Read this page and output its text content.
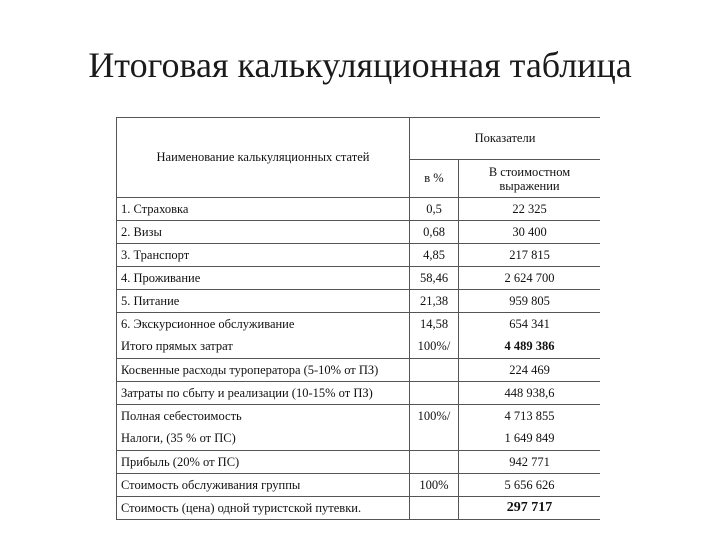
Итоговая калькуляционная таблица
Наименование калькуляционных статей	Показатели	
	в %	В стоимостном выражении
1. Страховка	0,5	22 325
2. Визы	0,68	30 400
3. Транспорт	4,85	217 815
4. Проживание	58,46	2 624 700
5. Питание	21,38	959 805
6. Экскурсионное обслуживание	14,58	654 341
Итого прямых затрат	100%/	4 489 386
Косвенные расходы туроператора (5-10% от ПЗ)		224 469
Затраты по сбыту и реализации (10-15% от ПЗ)		448 938,6
Полная себестоимость	100%/	4 713 855
Налоги, (35 % от ПС)		1 649 849
Прибыль (20% от ПС)		942 771
Стоимость обслуживания группы	100%	5 656 626
Стоимость (цена) одной туристской путевки.		297 717
